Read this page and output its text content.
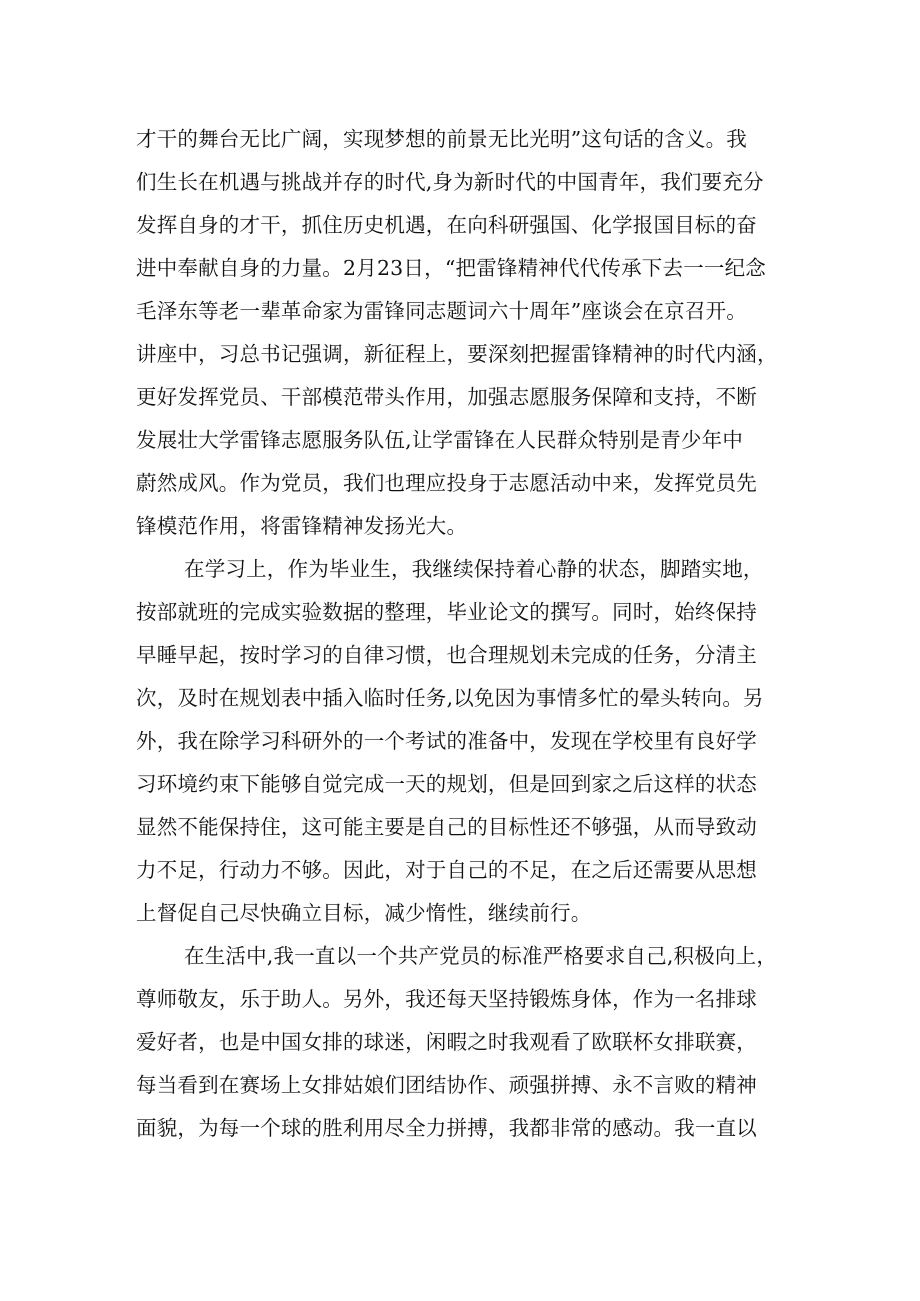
才干的舞台无比广阔，实现梦想的前景无比光明”这句话的含义。我
们生长在机遇与挑战并存的时代,身为新时代的中国青年，我们要充分
发挥自身的才干，抓住历史机遇，在向科研强国、化学报国目标的奋
进中奉献自身的力量。2月23日，“把雷锋精神代代传承下去一一纪念
毛泽东等老一辈革命家为雷锋同志题词六十周年”座谈会在京召开。
讲座中，习总书记强调，新征程上，要深刻把握雷锋精神的时代内涵，
更好发挥党员、干部模范带头作用，加强志愿服务保障和支持，不断
发展壮大学雷锋志愿服务队伍,让学雷锋在人民群众特别是青少年中
蔚然成风。作为党员，我们也理应投身于志愿活动中来，发挥党员先
锋模范作用，将雷锋精神发扬光大。
在学习上，作为毕业生，我继续保持着心静的状态，脚踏实地，
按部就班的完成实验数据的整理，毕业论文的撰写。同时，始终保持
早睡早起，按时学习的自律习惯，也合理规划未完成的任务，分清主
次，及时在规划表中插入临时任务,以免因为事情多忙的晕头转向。另
外，我在除学习科研外的一个考试的准备中，发现在学校里有良好学
习环境约束下能够自觉完成一天的规划，但是回到家之后这样的状态
显然不能保持住，这可能主要是自己的目标性还不够强，从而导致动
力不足，行动力不够。因此，对于自己的不足，在之后还需要从思想
上督促自己尽快确立目标，减少惰性，继续前行。
在生活中,我一直以一个共产党员的标准严格要求自己,积极向上，
尊师敬友，乐于助人。另外，我还每天坚持锻炼身体，作为一名排球
爱好者，也是中国女排的球迷，闲暇之时我观看了欧联杯女排联赛，
每当看到在赛场上女排姑娘们团结协作、顽强拼搏、永不言败的精神
面貌，为每一个球的胜利用尽全力拼搏，我都非常的感动。我一直以
